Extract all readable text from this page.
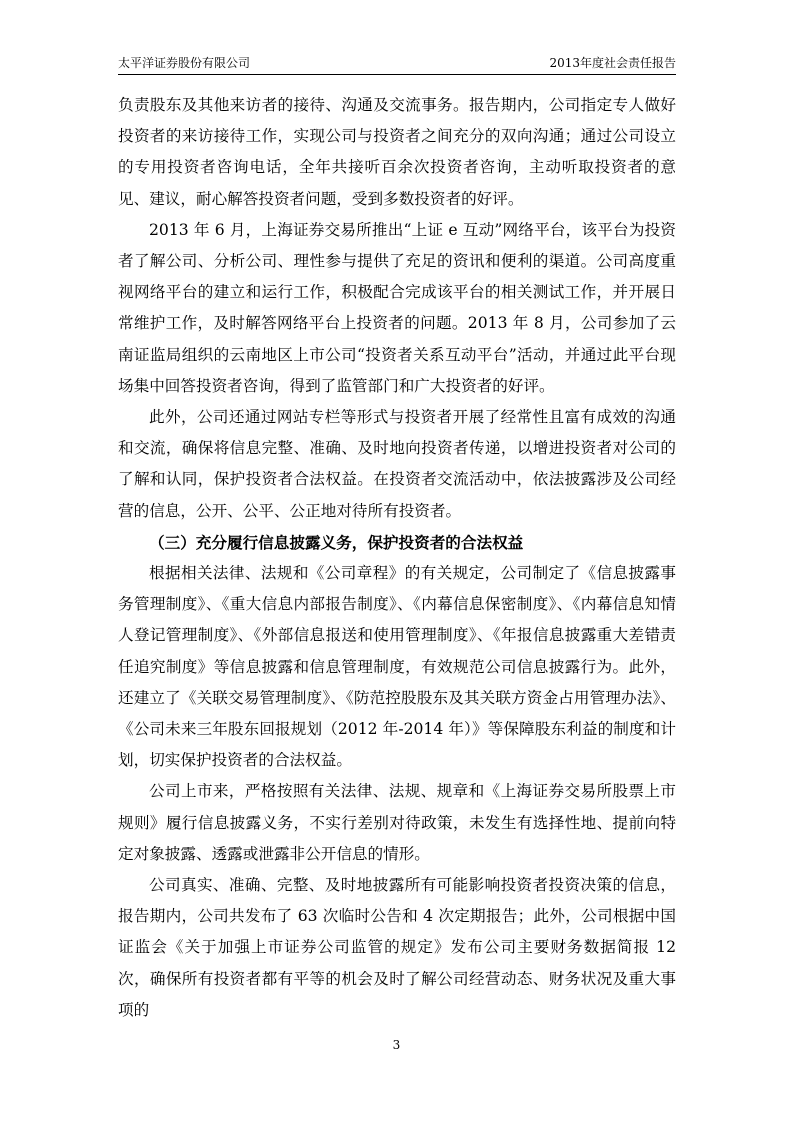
太平洋证券股份有限公司	2013年度社会责任报告

负责股东及其他来访者的接待、沟通及交流事务。报告期内，公司指定专人做好投资者的来访接待工作，实现公司与投资者之间充分的双向沟通；通过公司设立的专用投资者咨询电话，全年共接听百余次投资者咨询，主动听取投资者的意见、建议，耐心解答投资者问题，受到多数投资者的好评。

2013 年 6 月，上海证券交易所推出“上证 e 互动”网络平台，该平台为投资者了解公司、分析公司、理性参与提供了充足的资讯和便利的渠道。公司高度重视网络平台的建立和运行工作，积极配合完成该平台的相关测试工作，并开展日常维护工作，及时解答网络平台上投资者的问题。2013 年 8 月，公司参加了云南证监局组织的云南地区上市公司“投资者关系互动平台”活动，并通过此平台现场集中回答投资者咨询，得到了监管部门和广大投资者的好评。

此外，公司还通过网站专栏等形式与投资者开展了经常性且富有成效的沟通和交流，确保将信息完整、准确、及时地向投资者传递，以增进投资者对公司的了解和认同，保护投资者合法权益。在投资者交流活动中，依法披露涉及公司经营的信息，公开、公平、公正地对待所有投资者。

（三）充分履行信息披露义务，保护投资者的合法权益

根据相关法律、法规和《公司章程》的有关规定，公司制定了《信息披露事务管理制度》、《重大信息内部报告制度》、《内幕信息保密制度》、《内幕信息知情人登记管理制度》、《外部信息报送和使用管理制度》、《年报信息披露重大差错责任追究制度》等信息披露和信息管理制度，有效规范公司信息披露行为。此外，还建立了《关联交易管理制度》、《防范控股股东及其关联方资金占用管理办法》、《公司未来三年股东回报规划（2012 年-2014 年）》等保障股东利益的制度和计划，切实保护投资者的合法权益。

公司上市来，严格按照有关法律、法规、规章和《上海证券交易所股票上市规则》履行信息披露义务，不实行差别对待政策，未发生有选择性地、提前向特定对象披露、透露或泄露非公开信息的情形。

公司真实、准确、完整、及时地披露所有可能影响投资者投资决策的信息，报告期内，公司共发布了 63 次临时公告和 4 次定期报告；此外，公司根据中国证监会《关于加强上市证券公司监管的规定》发布公司主要财务数据简报 12 次，确保所有投资者都有平等的机会及时了解公司经营动态、财务状况及重大事项的

3
